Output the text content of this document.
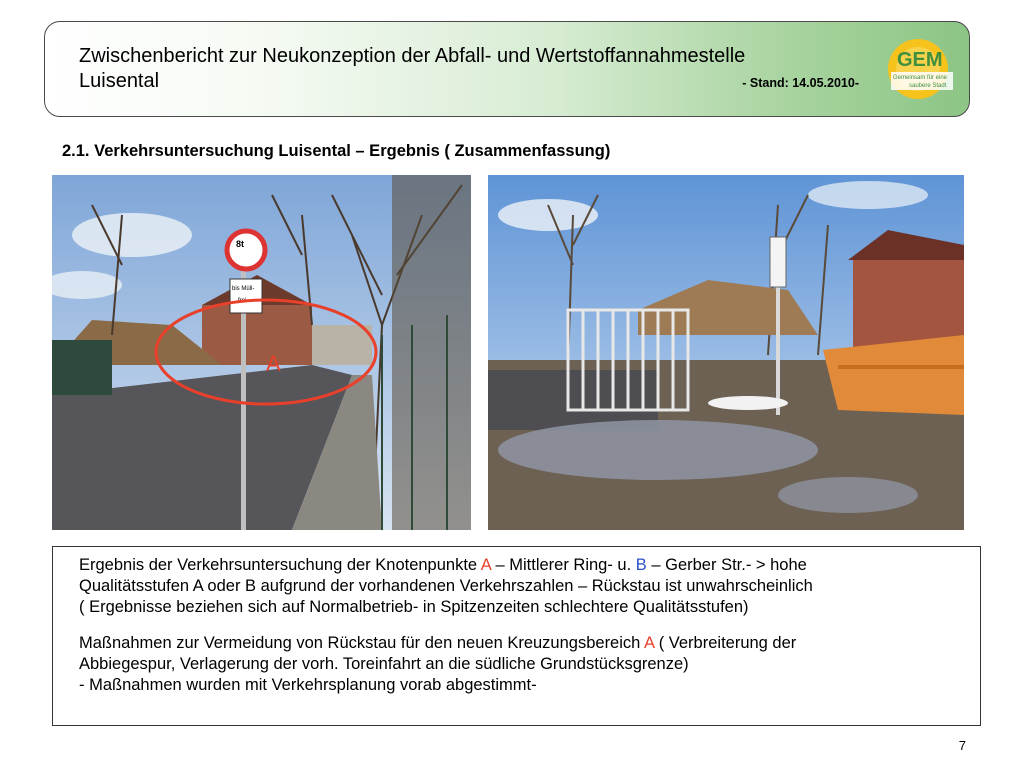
Zwischenbericht zur Neukonzeption der Abfall- und Wertstoffannahmestelle
Luisental	- Stand: 14.05.2010-
GEM
Gemeinsam für eine
saubere Stadt
2.1. Verkehrsuntersuchung Luisental – Ergebnis ( Zusammenfassung)
8t
bis Müll-
frei
A

Ergebnis der Verkehrsuntersuchung der Knotenpunkte A – Mittlerer Ring- u. B – Gerber Str.- > hohe
Qualitätsstufen A oder B aufgrund der vorhandenen Verkehrszahlen – Rückstau ist unwahrscheinlich
( Ergebnisse beziehen sich auf Normalbetrieb- in Spitzenzeiten schlechtere Qualitätsstufen)

Maßnahmen zur Vermeidung von Rückstau für den neuen Kreuzungsbereich A ( Verbreiterung der
Abbiegespur, Verlagerung der vorh. Toreinfahrt an die südliche Grundstücksgrenze)
- Maßnahmen wurden mit Verkehrsplanung vorab abgestimmt-

7
